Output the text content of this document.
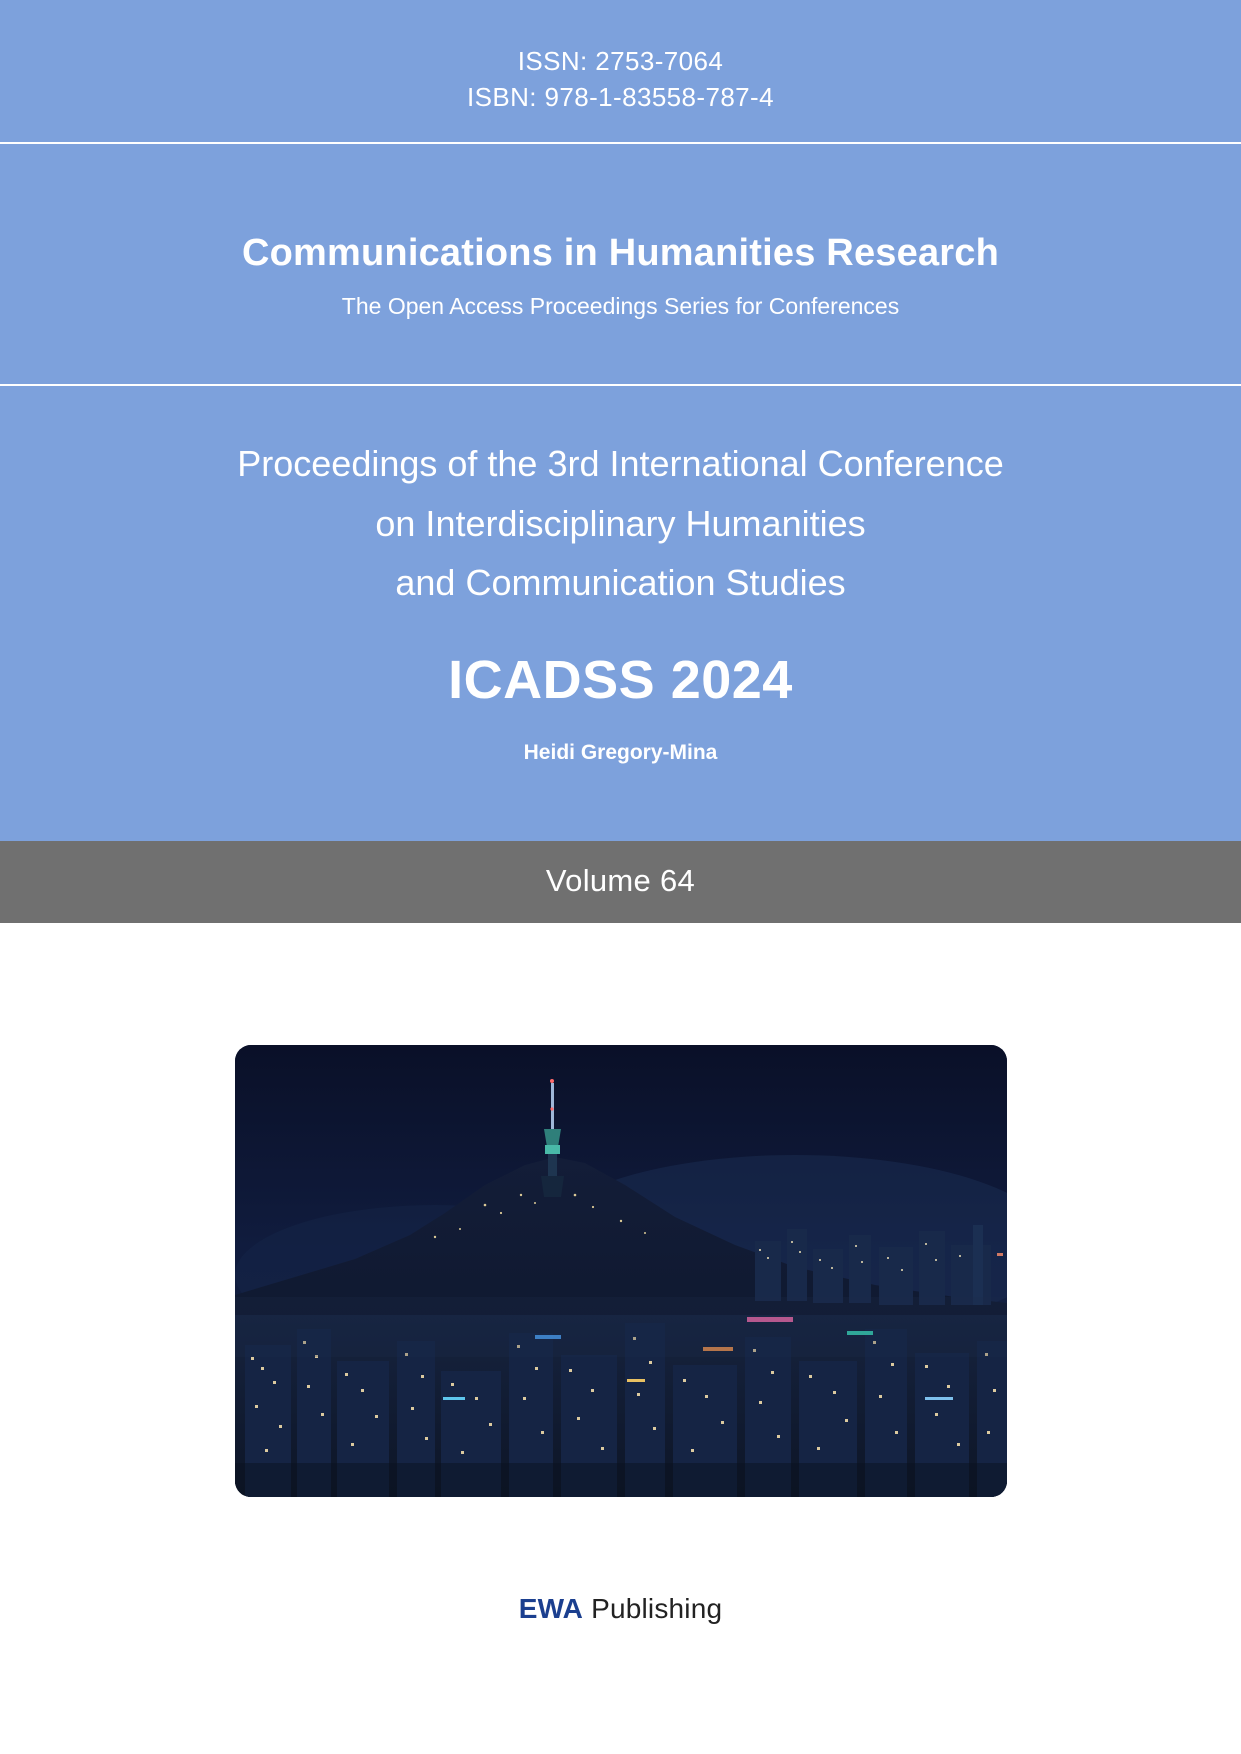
ISSN: 2753-7064
ISBN: 978-1-83558-787-4
Communications in Humanities Research
The Open Access Proceedings Series for Conferences
Proceedings of the 3rd International Conference
on Interdisciplinary Humanities
and Communication Studies
ICADSS 2024
Heidi Gregory-Mina
Volume 64
EWA Publishing
